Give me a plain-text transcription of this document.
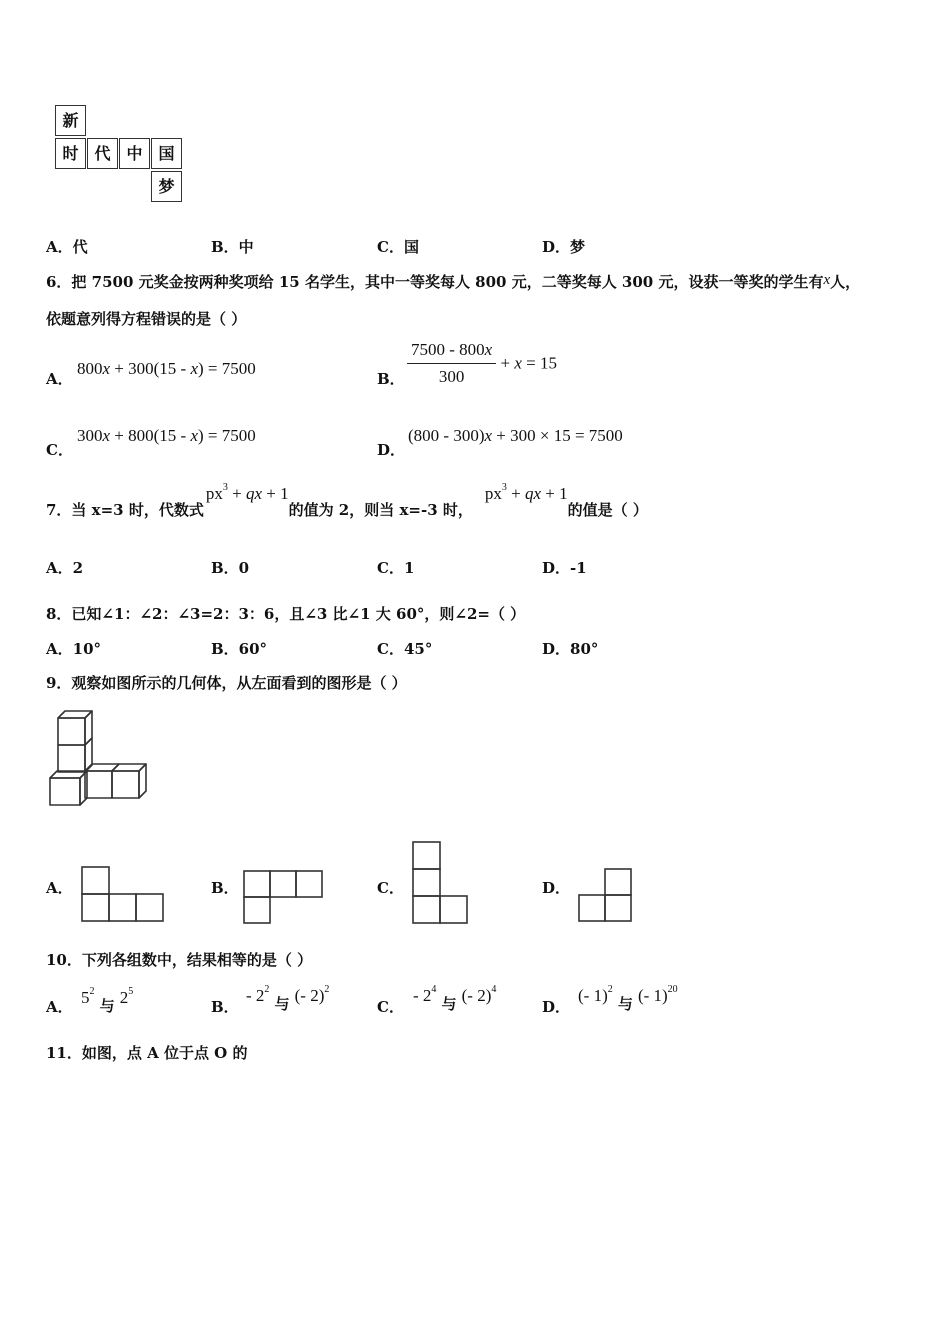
新
时 代 中 国
梦
A．代	B．中	C．国	D．梦
6．把 7500 元奖金按两种奖项给 15 名学生，其中一等奖每人 800 元，二等奖每人 300 元，设获一等奖的学生有x人，
依题意列得方程错误的是（ ）
A．
800x + 300(15 - x) = 7500
B． $\frac{7500 - 800x}{300} + x = 15$
C．
300x + 800(15 - x) = 7500
D．
(800 - 300)x + 300 × 15 = 7500
7．当 x=3 时，代数式$px^3$ + qx + 1的值为 2，则当 x=-3 时，$px^3$ + qx + 1的值是（ ）
A．2	B．0	C．1	D．-1
8．已知∠1：∠2：∠3=2：3：6，且∠3 比∠1 大 60°，则∠2=（ ）
A．10°	B．60°	C．45°	D．80°
9．观察如图所示的几何体，从左面看到的图形是（ ）
A．	B．	C．	D．
10．下列各组数中，结果相等的是（ ）
A． $5^2$ 与 $2^5$
B．
- $2^2$ 与 (- 2)$^2$
C．
- $2^4$ 与 (- 2)$^4$
D．
(- 1)$^2$ 与 (- 1)$^{20}$
11．如图，点 A 位于点 O 的
